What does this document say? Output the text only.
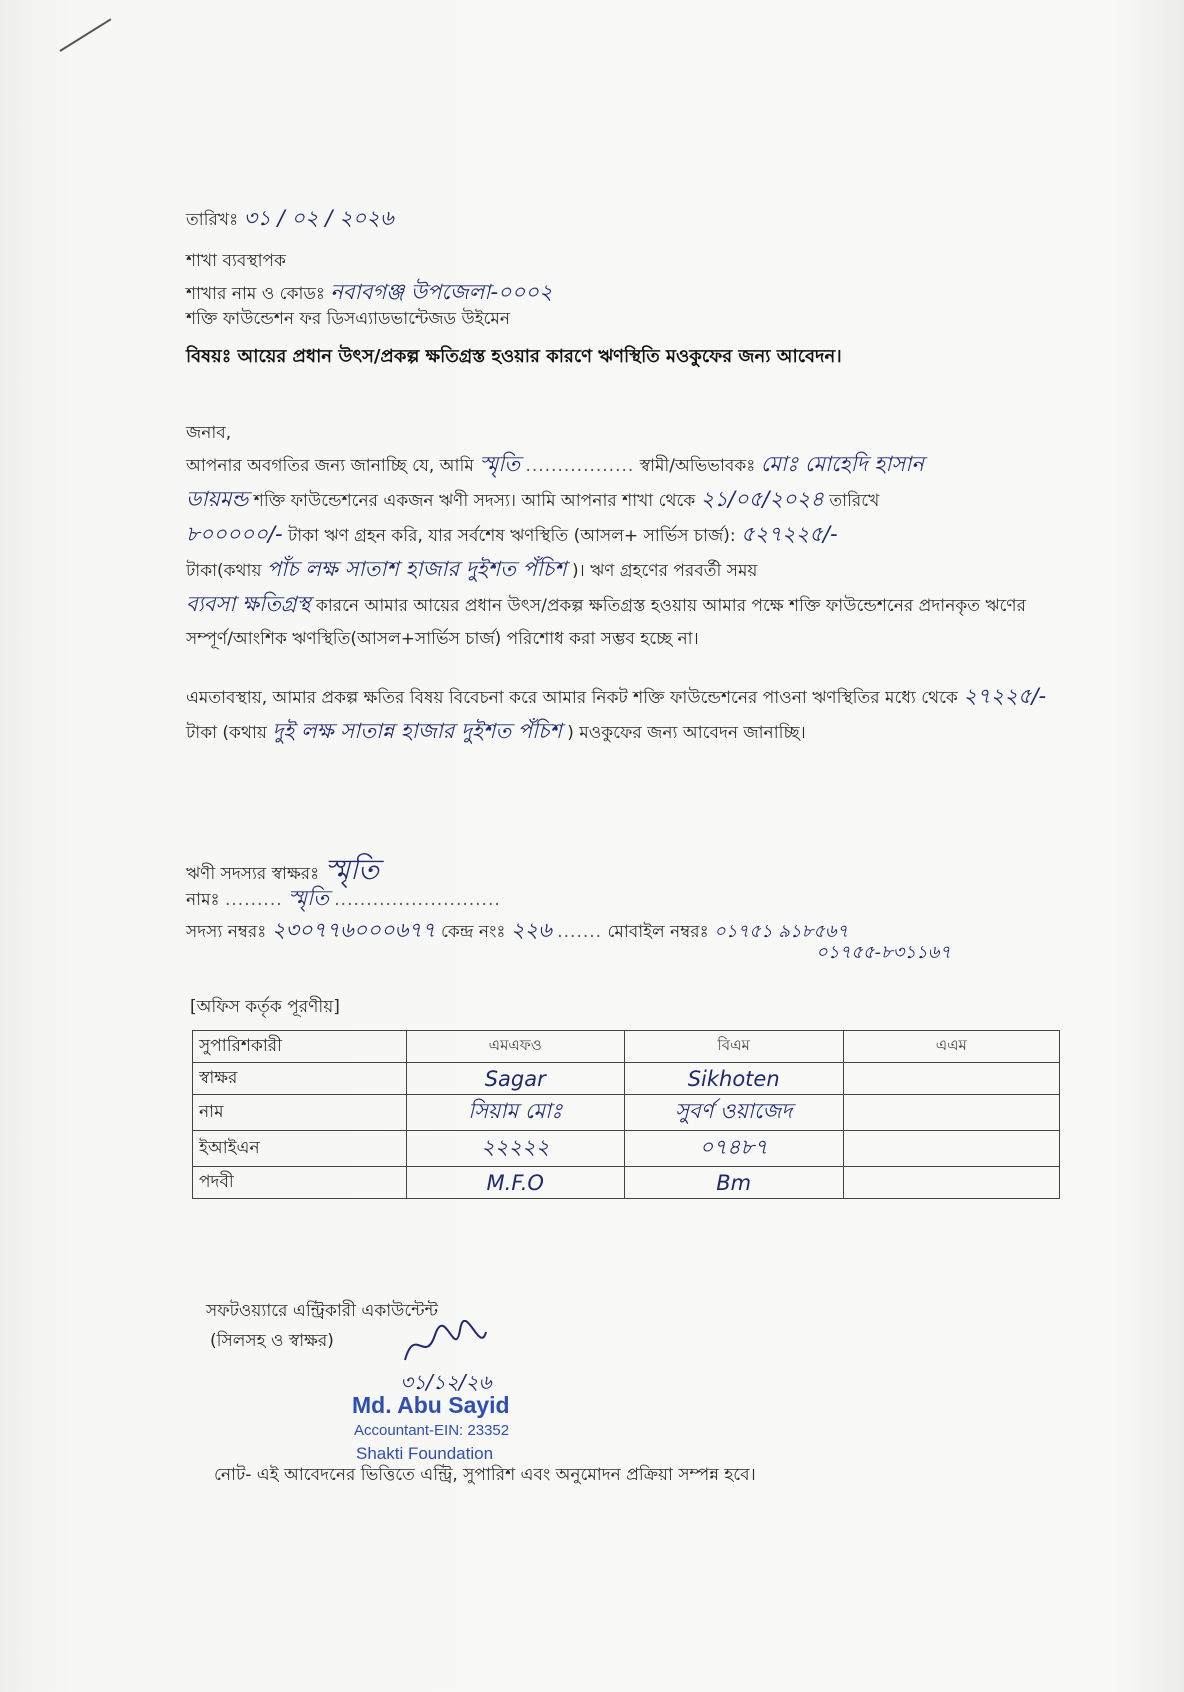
তারিখঃ ৩১ / ০২ / ২০২৬
শাখা ব্যবস্থাপক
শাখার নাম ও কোডঃ নবাবগঞ্জ উপজেলা-০০০২
শক্তি ফাউন্ডেশন ফর ডিসএ্যাডভান্টেজড উইমেন
বিষয়ঃ আয়ের প্রধান উৎস/প্রকল্প ক্ষতিগ্রস্ত হওয়ার কারণে ঋণস্থিতি মওকুফের জন্য আবেদন।
জনাব,
আপনার অবগতির জন্য জানাচ্ছি যে, আমি স্মৃতি ................. স্বামী/অভিভাবকঃ মোঃ মোহেদি হাসান
ডায়মন্ড শক্তি ফাউন্ডেশনের একজন ঋণী সদস্য। আমি আপনার শাখা থেকে ২১/০৫/২০২৪ তারিখে
৮০০০০০/- টাকা ঋণ গ্রহন করি, যার সর্বশেষ ঋণস্থিতি (আসল+ সার্ভিস চার্জ): ৫২৭২২৫/-
টাকা(কথায় পাঁচ লক্ষ সাতাশ হাজার দুইশত পঁচিশ )। ঋণ গ্রহণের পরবর্তী সময়
ব্যবসা ক্ষতিগ্রস্থ কারনে আমার আয়ের প্রধান উৎস/প্রকল্প ক্ষতিগ্রস্ত হওয়ায় আমার পক্ষে শক্তি ফাউন্ডেশনের প্রদানকৃত ঋণের সম্পূর্ণ/আংশিক ঋণস্থিতি(আসল+সার্ভিস চার্জ) পরিশোধ করা সম্ভব হচ্ছে না।
এমতাবস্থায়, আমার প্রকল্প ক্ষতির বিষয় বিবেচনা করে আমার নিকট শক্তি ফাউন্ডেশনের পাওনা ঋণস্থিতির মধ্যে থেকে ২৭২২৫/- টাকা (কথায় দুই লক্ষ সাতান্ন হাজার দুইশত পঁচিশ ) মওকুফের জন্য আবেদন জানাচ্ছি।
ঋণী সদস্যর স্বাক্ষরঃ স্মৃতি
নামঃ ......... স্মৃতি ..........................
সদস্য নম্বরঃ ২৩০৭৭৬০০০৬৭৭ কেন্দ্র নংঃ ২২৬ ....... মোবাইল নম্বরঃ ০১৭৫১ ৯১৮৫৬৭
০১৭৫৫-৮৩১১৬৭
[অফিস কর্তৃক পূরণীয়]
সুপারিশকারী	এমএফও	বিএম	এএম
স্বাক্ষর	Sagar	Sikhoten	
নাম	সিয়াম মোঃ	সুবর্ণ ওয়াজেদ	
ইআইএন	২২২২২	০৭৪৮৭	
পদবী	M.F.O	Bm	
সফটওয়্যারে এন্ট্রিকারী একাউন্টেন্ট
(সিলসহ ও স্বাক্ষর)
৩১/১২/২৬
Md. Abu Sayid
Accountant-EIN: 23352
Shakti Foundation
নোট- এই আবেদনের ভিত্তিতে এন্ট্রি, সুপারিশ এবং অনুমোদন প্রক্রিয়া সম্পন্ন হবে।
